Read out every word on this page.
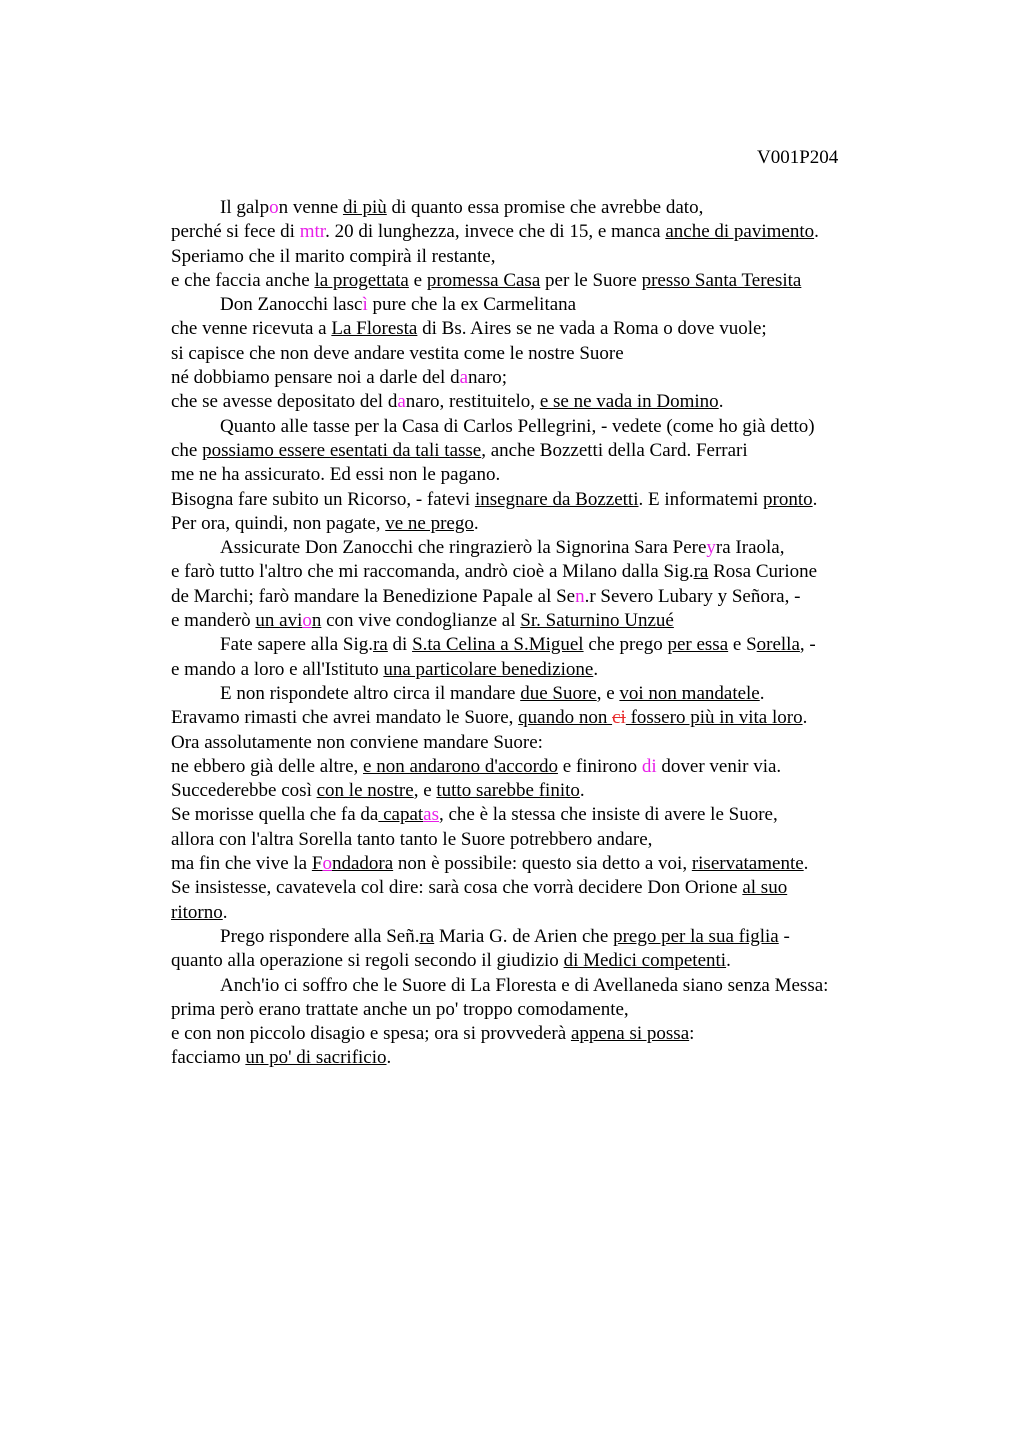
V001P204
Il galpon venne di più di quanto essa promise che avrebbe dato,
perché si fece di mtr. 20 di lunghezza, invece che di 15, e manca anche di pavimento.
Speriamo che il marito compirà il restante,
e che faccia anche la progettata e promessa Casa per le Suore presso Santa Teresita
Don Zanocchi lascì pure che la ex Carmelitana
che venne ricevuta a La Floresta di Bs. Aires se ne vada a Roma o dove vuole;
si capisce che non deve andare vestita come le nostre Suore
né dobbiamo pensare noi a darle del danaro;
che se avesse depositato del danaro, restituitelo, e se ne vada in Domino.
Quanto alle tasse per la Casa di Carlos Pellegrini, - vedete (come ho già detto)
che possiamo essere esentati da tali tasse, anche Bozzetti della Card. Ferrari
me ne ha assicurato. Ed essi non le pagano.
Bisogna fare subito un Ricorso, - fatevi insegnare da Bozzetti. E informatemi pronto.
Per ora, quindi, non pagate, ve ne prego.
Assicurate Don Zanocchi che ringrazierò la Signorina Sara Pereyra Iraola,
e farò tutto l'altro che mi raccomanda, andrò cioè a Milano dalla Sig.ra Rosa Curione
de Marchi; farò mandare la Benedizione Papale al Sen.r Severo Lubary y Señora, -
e manderò un avion con vive condoglianze al Sr. Saturnino Unzué
Fate sapere alla Sig.ra di S.ta Celina a S.Miguel che prego per essa e Sorella, -
e mando a loro e all'Istituto una particolare benedizione.
E non rispondete altro circa il mandare due Suore, e voi non mandatele.
Eravamo rimasti che avrei mandato le Suore, quando non ci fossero più in vita loro.
Ora assolutamente non conviene mandare Suore:
ne ebbero già delle altre, e non andarono d'accordo e finirono di dover venir via.
Succederebbe così con le nostre, e tutto sarebbe finito.
Se morisse quella che fa da capatas, che è la stessa che insiste di avere le Suore,
allora con l'altra Sorella tanto tanto le Suore potrebbero andare,
ma fin che vive la Fondadora non è possibile: questo sia detto a voi, riservatamente.
Se insistesse, cavatevela col dire: sarà cosa che vorrà decidere Don Orione al suo
ritorno.
Prego rispondere alla Señ.ra Maria G. de Arien che prego per la sua figlia -
quanto alla operazione si regoli secondo il giudizio di Medici competenti.
Anch'io ci soffro che le Suore di La Floresta e di Avellaneda siano senza Messa:
prima però erano trattate anche un po' troppo comodamente,
e con non piccolo disagio e spesa; ora si provvederà appena si possa:
facciamo un po' di sacrificio.
